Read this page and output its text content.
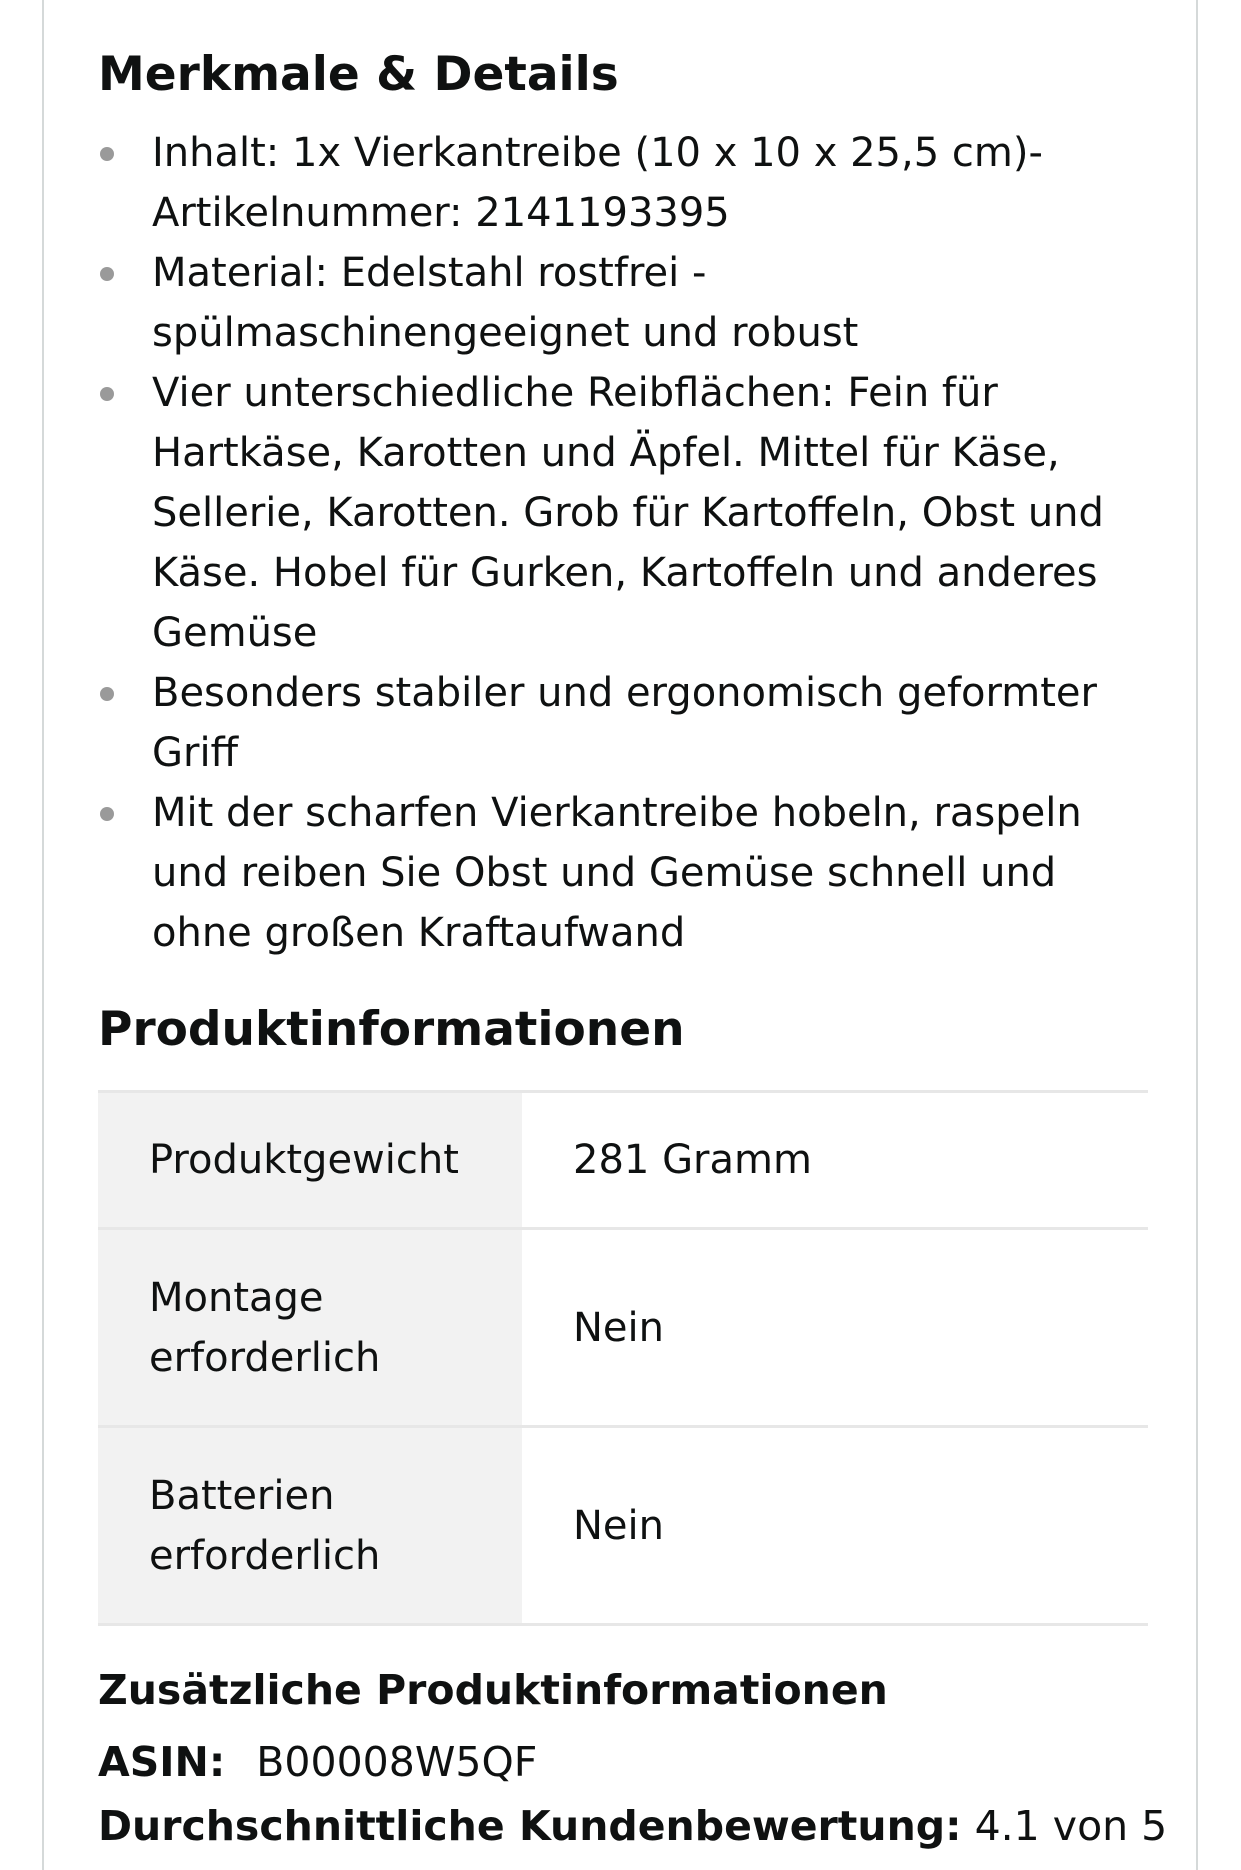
Merkmale & Details
Inhalt: 1x Vierkantreibe (10 x 10 x 25,5 cm)-
Artikelnummer: 2141193395
Material: Edelstahl rostfrei -
spülmaschinengeeignet und robust
Vier unterschiedliche Reibflächen: Fein für
Hartkäse, Karotten und Äpfel. Mittel für Käse,
Sellerie, Karotten. Grob für Kartoffeln, Obst und
Käse. Hobel für Gurken, Kartoffeln und anderes
Gemüse
Besonders stabiler und ergonomisch geformter
Griff
Mit der scharfen Vierkantreibe hobeln, raspeln
und reiben Sie Obst und Gemüse schnell und
ohne großen Kraftaufwand
Produktinformationen
Produktgewicht	281 Gramm
Montage
erforderlich	Nein
Batterien
erforderlich	Nein
Zusätzliche Produktinformationen
ASIN: B00008W5QF
Durchschnittliche Kundenbewertung: 4.1 von 5
